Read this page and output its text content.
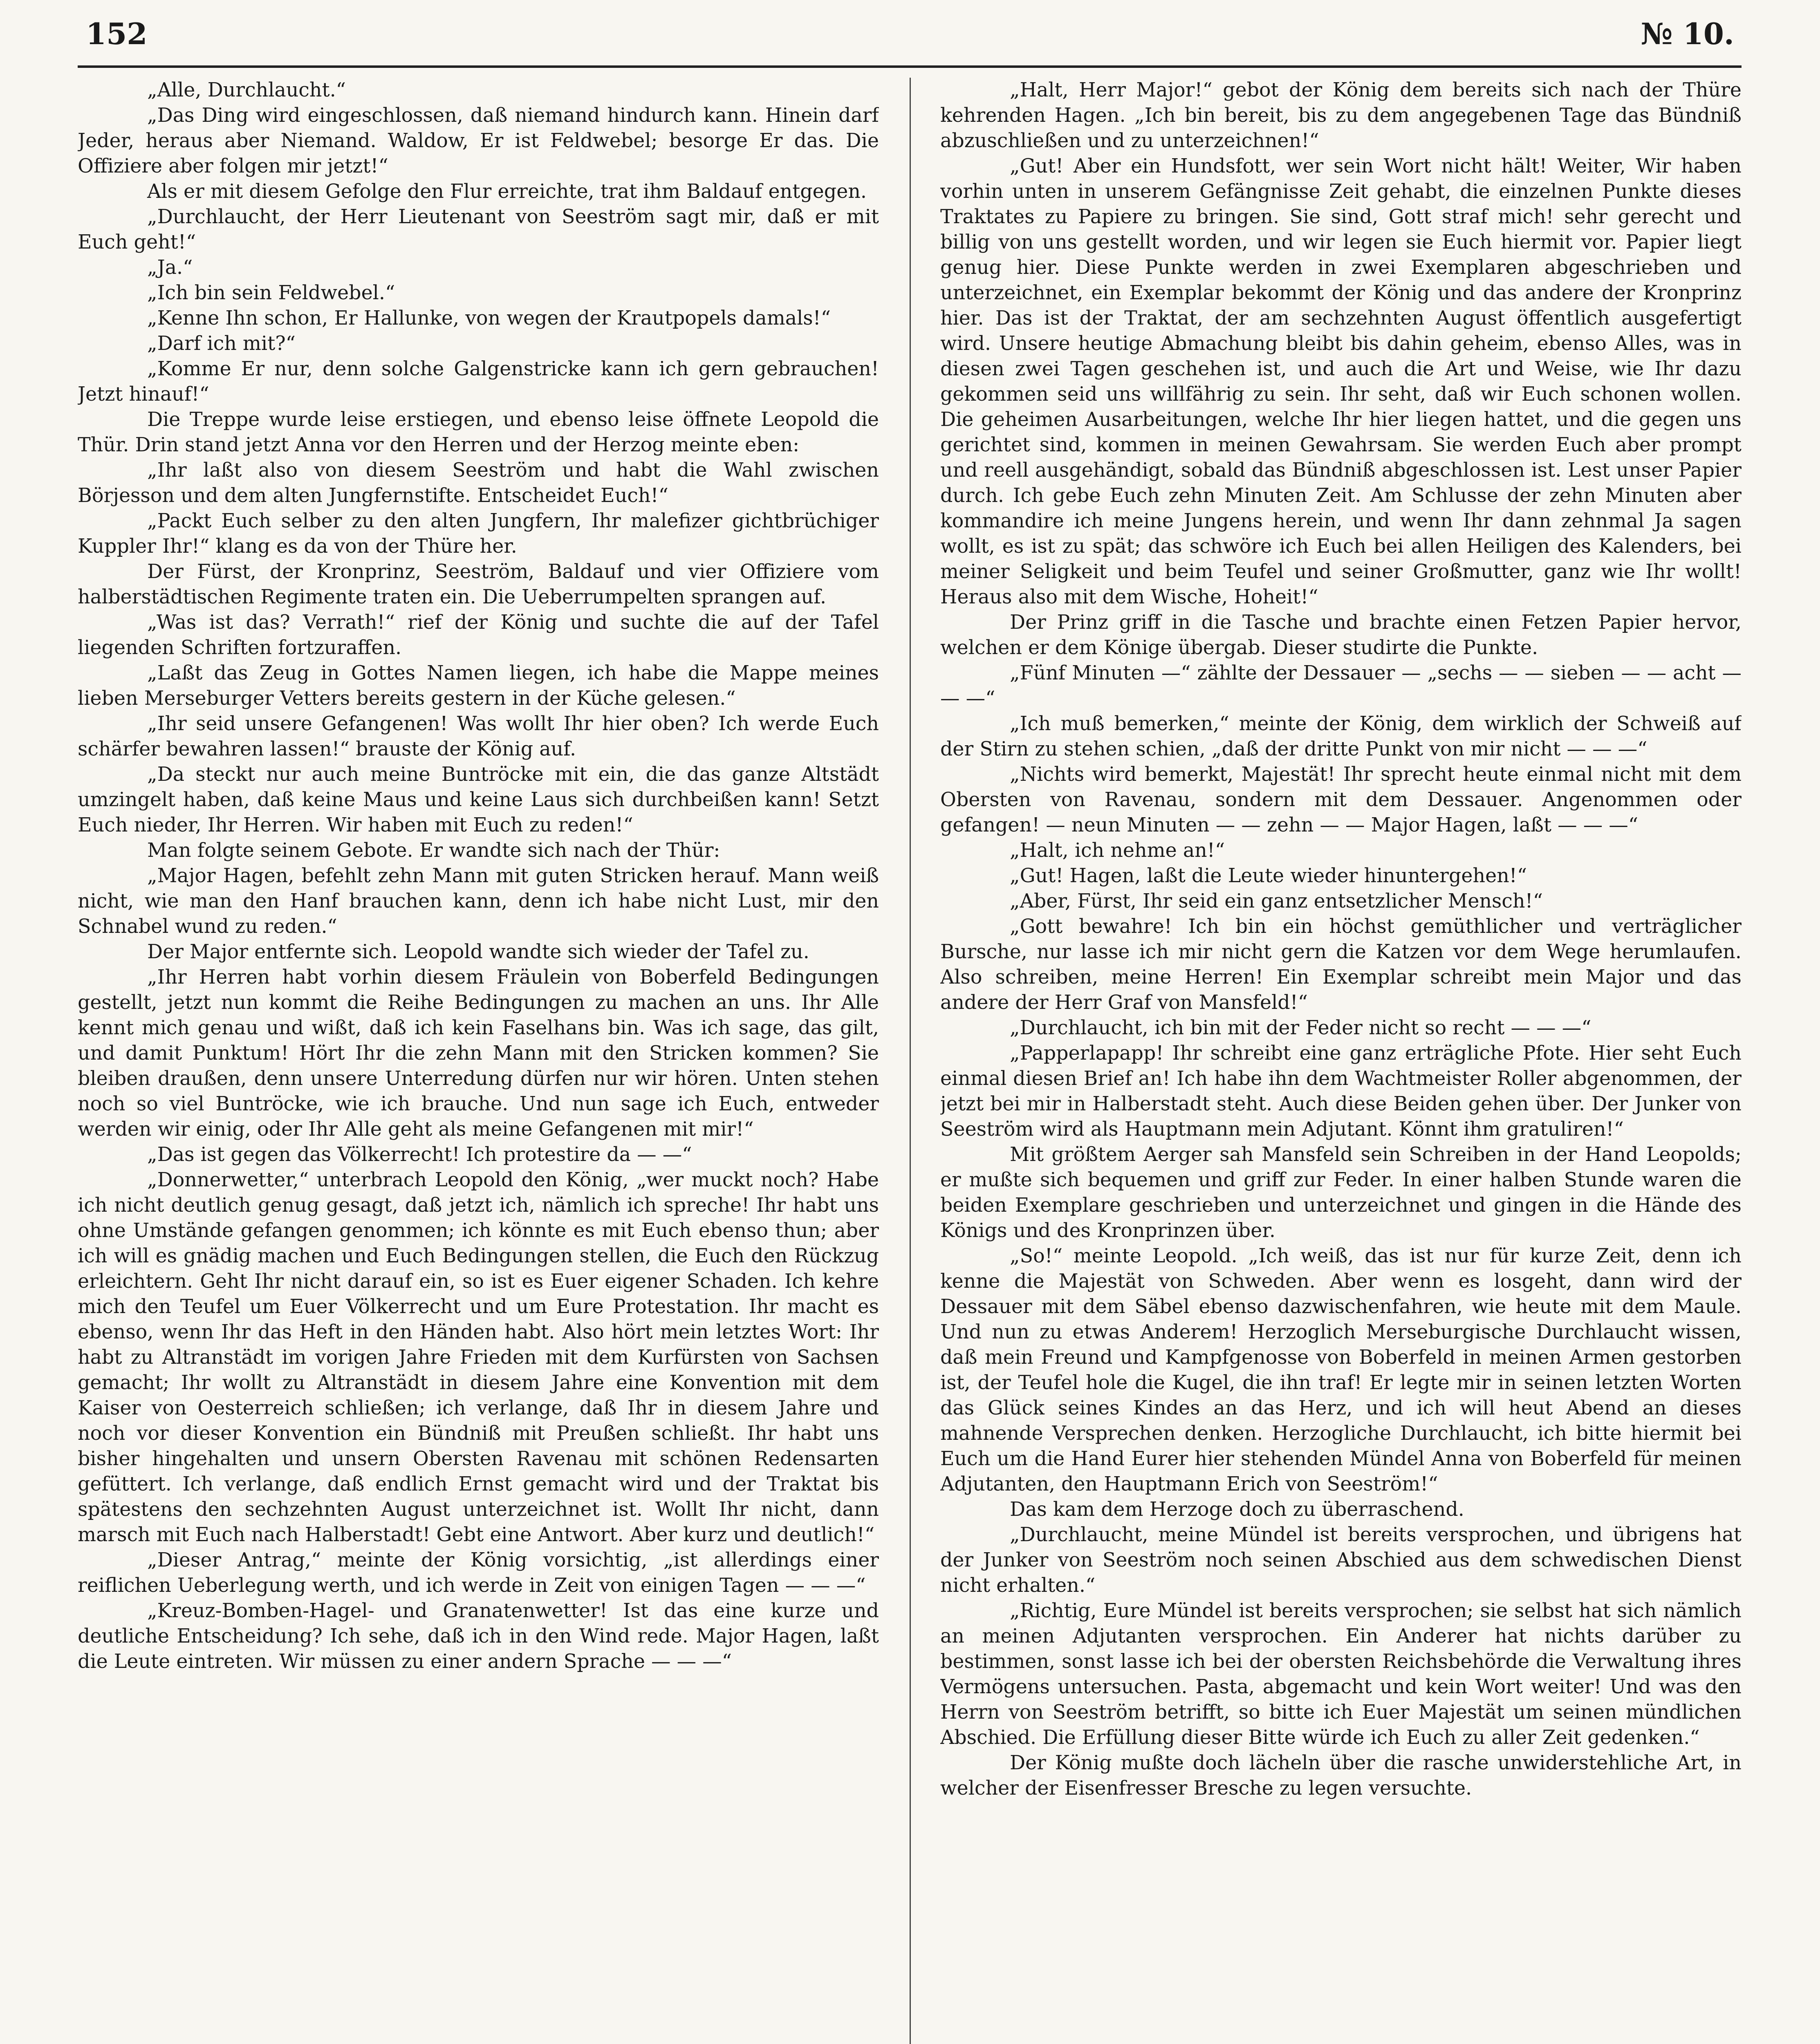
152	№ 10.

„Alle, Durchlaucht.“

„Das Ding wird eingeschlossen, daß niemand hindurch kann. Hinein darf Jeder, heraus aber Niemand. Waldow, Er ist Feldwebel; besorge Er das. Die Offiziere aber folgen mir jetzt!“

Als er mit diesem Gefolge den Flur erreichte, trat ihm Baldauf entgegen.

„Durchlaucht, der Herr Lieutenant von Seeström sagt mir, daß er mit Euch geht!“

„Ja.“

„Ich bin sein Feldwebel.“

„Kenne Ihn schon, Er Hallunke, von wegen der Krautpopels damals!“

„Darf ich mit?“

„Komme Er nur, denn solche Galgenstricke kann ich gern gebrauchen! Jetzt hinauf!“

Die Treppe wurde leise erstiegen, und ebenso leise öffnete Leopold die Thür. Drin stand jetzt Anna vor den Herren und der Herzog meinte eben:

„Ihr laßt also von diesem Seeström und habt die Wahl zwischen Börjesson und dem alten Jungfernstifte. Entscheidet Euch!“

„Packt Euch selber zu den alten Jungfern, Ihr malefizer gichtbrüchiger Kuppler Ihr!“ klang es da von der Thüre her.

Der Fürst, der Kronprinz, Seeström, Baldauf und vier Offiziere vom halberstädtischen Regimente traten ein. Die Ueberrumpelten sprangen auf.

„Was ist das? Verrath!“ rief der König und suchte die auf der Tafel liegenden Schriften fortzuraffen.

„Laßt das Zeug in Gottes Namen liegen, ich habe die Mappe meines lieben Merseburger Vetters bereits gestern in der Küche gelesen.“

„Ihr seid unsere Gefangenen! Was wollt Ihr hier oben? Ich werde Euch schärfer bewahren lassen!“ brauste der König auf.

„Da steckt nur auch meine Buntröcke mit ein, die das ganze Altstädt umzingelt haben, daß keine Maus und keine Laus sich durchbeißen kann! Setzt Euch nieder, Ihr Herren. Wir haben mit Euch zu reden!“

Man folgte seinem Gebote. Er wandte sich nach der Thür:

„Major Hagen, befehlt zehn Mann mit guten Stricken herauf. Mann weiß nicht, wie man den Hanf brauchen kann, denn ich habe nicht Lust, mir den Schnabel wund zu reden.“

Der Major entfernte sich. Leopold wandte sich wieder der Tafel zu.

„Ihr Herren habt vorhin diesem Fräulein von Boberfeld Bedingungen gestellt, jetzt nun kommt die Reihe Bedingungen zu machen an uns. Ihr Alle kennt mich genau und wißt, daß ich kein Faselhans bin. Was ich sage, das gilt, und damit Punktum! Hört Ihr die zehn Mann mit den Stricken kommen? Sie bleiben draußen, denn unsere Unterredung dürfen nur wir hören. Unten stehen noch so viel Buntröcke, wie ich brauche. Und nun sage ich Euch, entweder werden wir einig, oder Ihr Alle geht als meine Gefangenen mit mir!“

„Das ist gegen das Völkerrecht! Ich protestire da — —“

„Donnerwetter,“ unterbrach Leopold den König, „wer muckt noch? Habe ich nicht deutlich genug gesagt, daß jetzt ich, nämlich ich spreche! Ihr habt uns ohne Umstände gefangen genommen; ich könnte es mit Euch ebenso thun; aber ich will es gnädig machen und Euch Bedingungen stellen, die Euch den Rückzug erleichtern. Geht Ihr nicht darauf ein, so ist es Euer eigener Schaden. Ich kehre mich den Teufel um Euer Völkerrecht und um Eure Protestation. Ihr macht es ebenso, wenn Ihr das Heft in den Händen habt. Also hört mein letztes Wort: Ihr habt zu Altranstädt im vorigen Jahre Frieden mit dem Kurfürsten von Sachsen gemacht; Ihr wollt zu Altranstädt in diesem Jahre eine Konvention mit dem Kaiser von Oesterreich schließen; ich verlange, daß Ihr in diesem Jahre und noch vor dieser Konvention ein Bündniß mit Preußen schließt. Ihr habt uns bisher hingehalten und unsern Obersten Ravenau mit schönen Redensarten gefüttert. Ich verlange, daß endlich Ernst gemacht wird und der Traktat bis spätestens den sechzehnten August unterzeichnet ist. Wollt Ihr nicht, dann marsch mit Euch nach Halberstadt! Gebt eine Antwort. Aber kurz und deutlich!“

„Dieser Antrag,“ meinte der König vorsichtig, „ist allerdings einer reiflichen Ueberlegung werth, und ich werde in Zeit von einigen Tagen — — —“

„Kreuz-Bomben-Hagel- und Granatenwetter! Ist das eine kurze und deutliche Entscheidung? Ich sehe, daß ich in den Wind rede. Major Hagen, laßt die Leute eintreten. Wir müssen zu einer andern Sprache — — —“

„Halt, Herr Major!“ gebot der König dem bereits sich nach der Thüre kehrenden Hagen. „Ich bin bereit, bis zu dem angegebenen Tage das Bündniß abzuschließen und zu unterzeichnen!“

„Gut! Aber ein Hundsfott, wer sein Wort nicht hält! Weiter, Wir haben vorhin unten in unserem Gefängnisse Zeit gehabt, die einzelnen Punkte dieses Traktates zu Papiere zu bringen. Sie sind, Gott straf mich! sehr gerecht und billig von uns gestellt worden, und wir legen sie Euch hiermit vor. Papier liegt genug hier. Diese Punkte werden in zwei Exemplaren abgeschrieben und unterzeichnet, ein Exemplar bekommt der König und das andere der Kronprinz hier. Das ist der Traktat, der am sechzehnten August öffentlich ausgefertigt wird. Unsere heutige Abmachung bleibt bis dahin geheim, ebenso Alles, was in diesen zwei Tagen geschehen ist, und auch die Art und Weise, wie Ihr dazu gekommen seid uns willfährig zu sein. Ihr seht, daß wir Euch schonen wollen. Die geheimen Ausarbeitungen, welche Ihr hier liegen hattet, und die gegen uns gerichtet sind, kommen in meinen Gewahrsam. Sie werden Euch aber prompt und reell ausgehändigt, sobald das Bündniß abgeschlossen ist. Lest unser Papier durch. Ich gebe Euch zehn Minuten Zeit. Am Schlusse der zehn Minuten aber kommandire ich meine Jungens herein, und wenn Ihr dann zehnmal Ja sagen wollt, es ist zu spät; das schwöre ich Euch bei allen Heiligen des Kalenders, bei meiner Seligkeit und beim Teufel und seiner Großmutter, ganz wie Ihr wollt! Heraus also mit dem Wische, Hoheit!“

Der Prinz griff in die Tasche und brachte einen Fetzen Papier hervor, welchen er dem Könige übergab. Dieser studirte die Punkte.

„Fünf Minuten —“ zählte der Dessauer — „sechs — — sieben — — acht — — —“

„Ich muß bemerken,“ meinte der König, dem wirklich der Schweiß auf der Stirn zu stehen schien, „daß der dritte Punkt von mir nicht — — —“

„Nichts wird bemerkt, Majestät! Ihr sprecht heute einmal nicht mit dem Obersten von Ravenau, sondern mit dem Dessauer. Angenommen oder gefangen! — neun Minuten — — zehn — — Major Hagen, laßt — — —“

„Halt, ich nehme an!“

„Gut! Hagen, laßt die Leute wieder hinuntergehen!“

„Aber, Fürst, Ihr seid ein ganz entsetzlicher Mensch!“

„Gott bewahre! Ich bin ein höchst gemüthlicher und verträglicher Bursche, nur lasse ich mir nicht gern die Katzen vor dem Wege herumlaufen. Also schreiben, meine Herren! Ein Exemplar schreibt mein Major und das andere der Herr Graf von Mansfeld!“

„Durchlaucht, ich bin mit der Feder nicht so recht — — —“

„Papperlapapp! Ihr schreibt eine ganz erträgliche Pfote. Hier seht Euch einmal diesen Brief an! Ich habe ihn dem Wachtmeister Roller abgenommen, der jetzt bei mir in Halberstadt steht. Auch diese Beiden gehen über. Der Junker von Seeström wird als Hauptmann mein Adjutant. Könnt ihm gratuliren!“

Mit größtem Aerger sah Mansfeld sein Schreiben in der Hand Leopolds; er mußte sich bequemen und griff zur Feder. In einer halben Stunde waren die beiden Exemplare geschrieben und unterzeichnet und gingen in die Hände des Königs und des Kronprinzen über.

„So!“ meinte Leopold. „Ich weiß, das ist nur für kurze Zeit, denn ich kenne die Majestät von Schweden. Aber wenn es losgeht, dann wird der Dessauer mit dem Säbel ebenso dazwischenfahren, wie heute mit dem Maule. Und nun zu etwas Anderem! Herzoglich Merseburgische Durchlaucht wissen, daß mein Freund und Kampfgenosse von Boberfeld in meinen Armen gestorben ist, der Teufel hole die Kugel, die ihn traf! Er legte mir in seinen letzten Worten das Glück seines Kindes an das Herz, und ich will heut Abend an dieses mahnende Versprechen denken. Herzogliche Durchlaucht, ich bitte hiermit bei Euch um die Hand Eurer hier stehenden Mündel Anna von Boberfeld für meinen Adjutanten, den Hauptmann Erich von Seeström!“

Das kam dem Herzoge doch zu überraschend.

„Durchlaucht, meine Mündel ist bereits versprochen, und übrigens hat der Junker von Seeström noch seinen Abschied aus dem schwedischen Dienst nicht erhalten.“

„Richtig, Eure Mündel ist bereits versprochen; sie selbst hat sich nämlich an meinen Adjutanten versprochen. Ein Anderer hat nichts darüber zu bestimmen, sonst lasse ich bei der obersten Reichsbehörde die Verwaltung ihres Vermögens untersuchen. Pasta, abgemacht und kein Wort weiter! Und was den Herrn von Seeström betrifft, so bitte ich Euer Majestät um seinen mündlichen Abschied. Die Erfüllung dieser Bitte würde ich Euch zu aller Zeit gedenken.“

Der König mußte doch lächeln über die rasche unwiderstehliche Art, in welcher der Eisenfresser Bresche zu legen versuchte.
